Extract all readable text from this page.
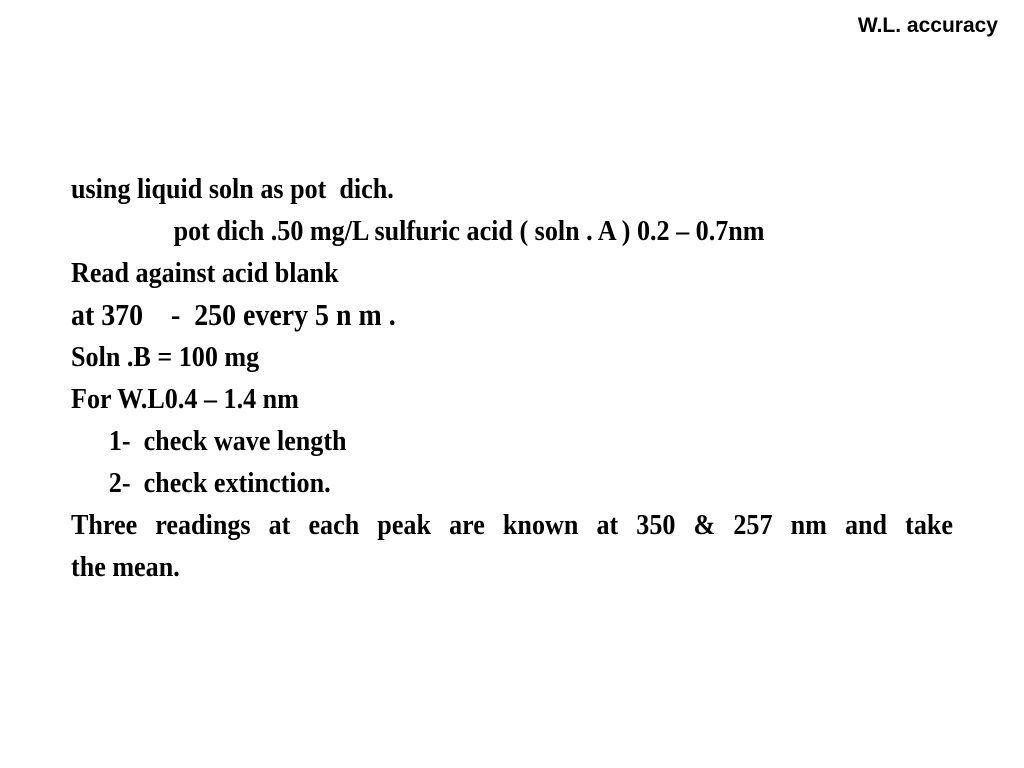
W.L. accuracy
using liquid soln as pot  dich.
pot dich .50 mg/L sulfuric acid ( soln . A ) 0.2 – 0.7nm
Read against acid blank
at 370    -  250 every 5 n m .
Soln .B = 100 mg
For W.L0.4 – 1.4 nm
1-  check wave length
2-  check extinction.
Three readings at each peak are known at 350 & 257 nm and take
the mean.
